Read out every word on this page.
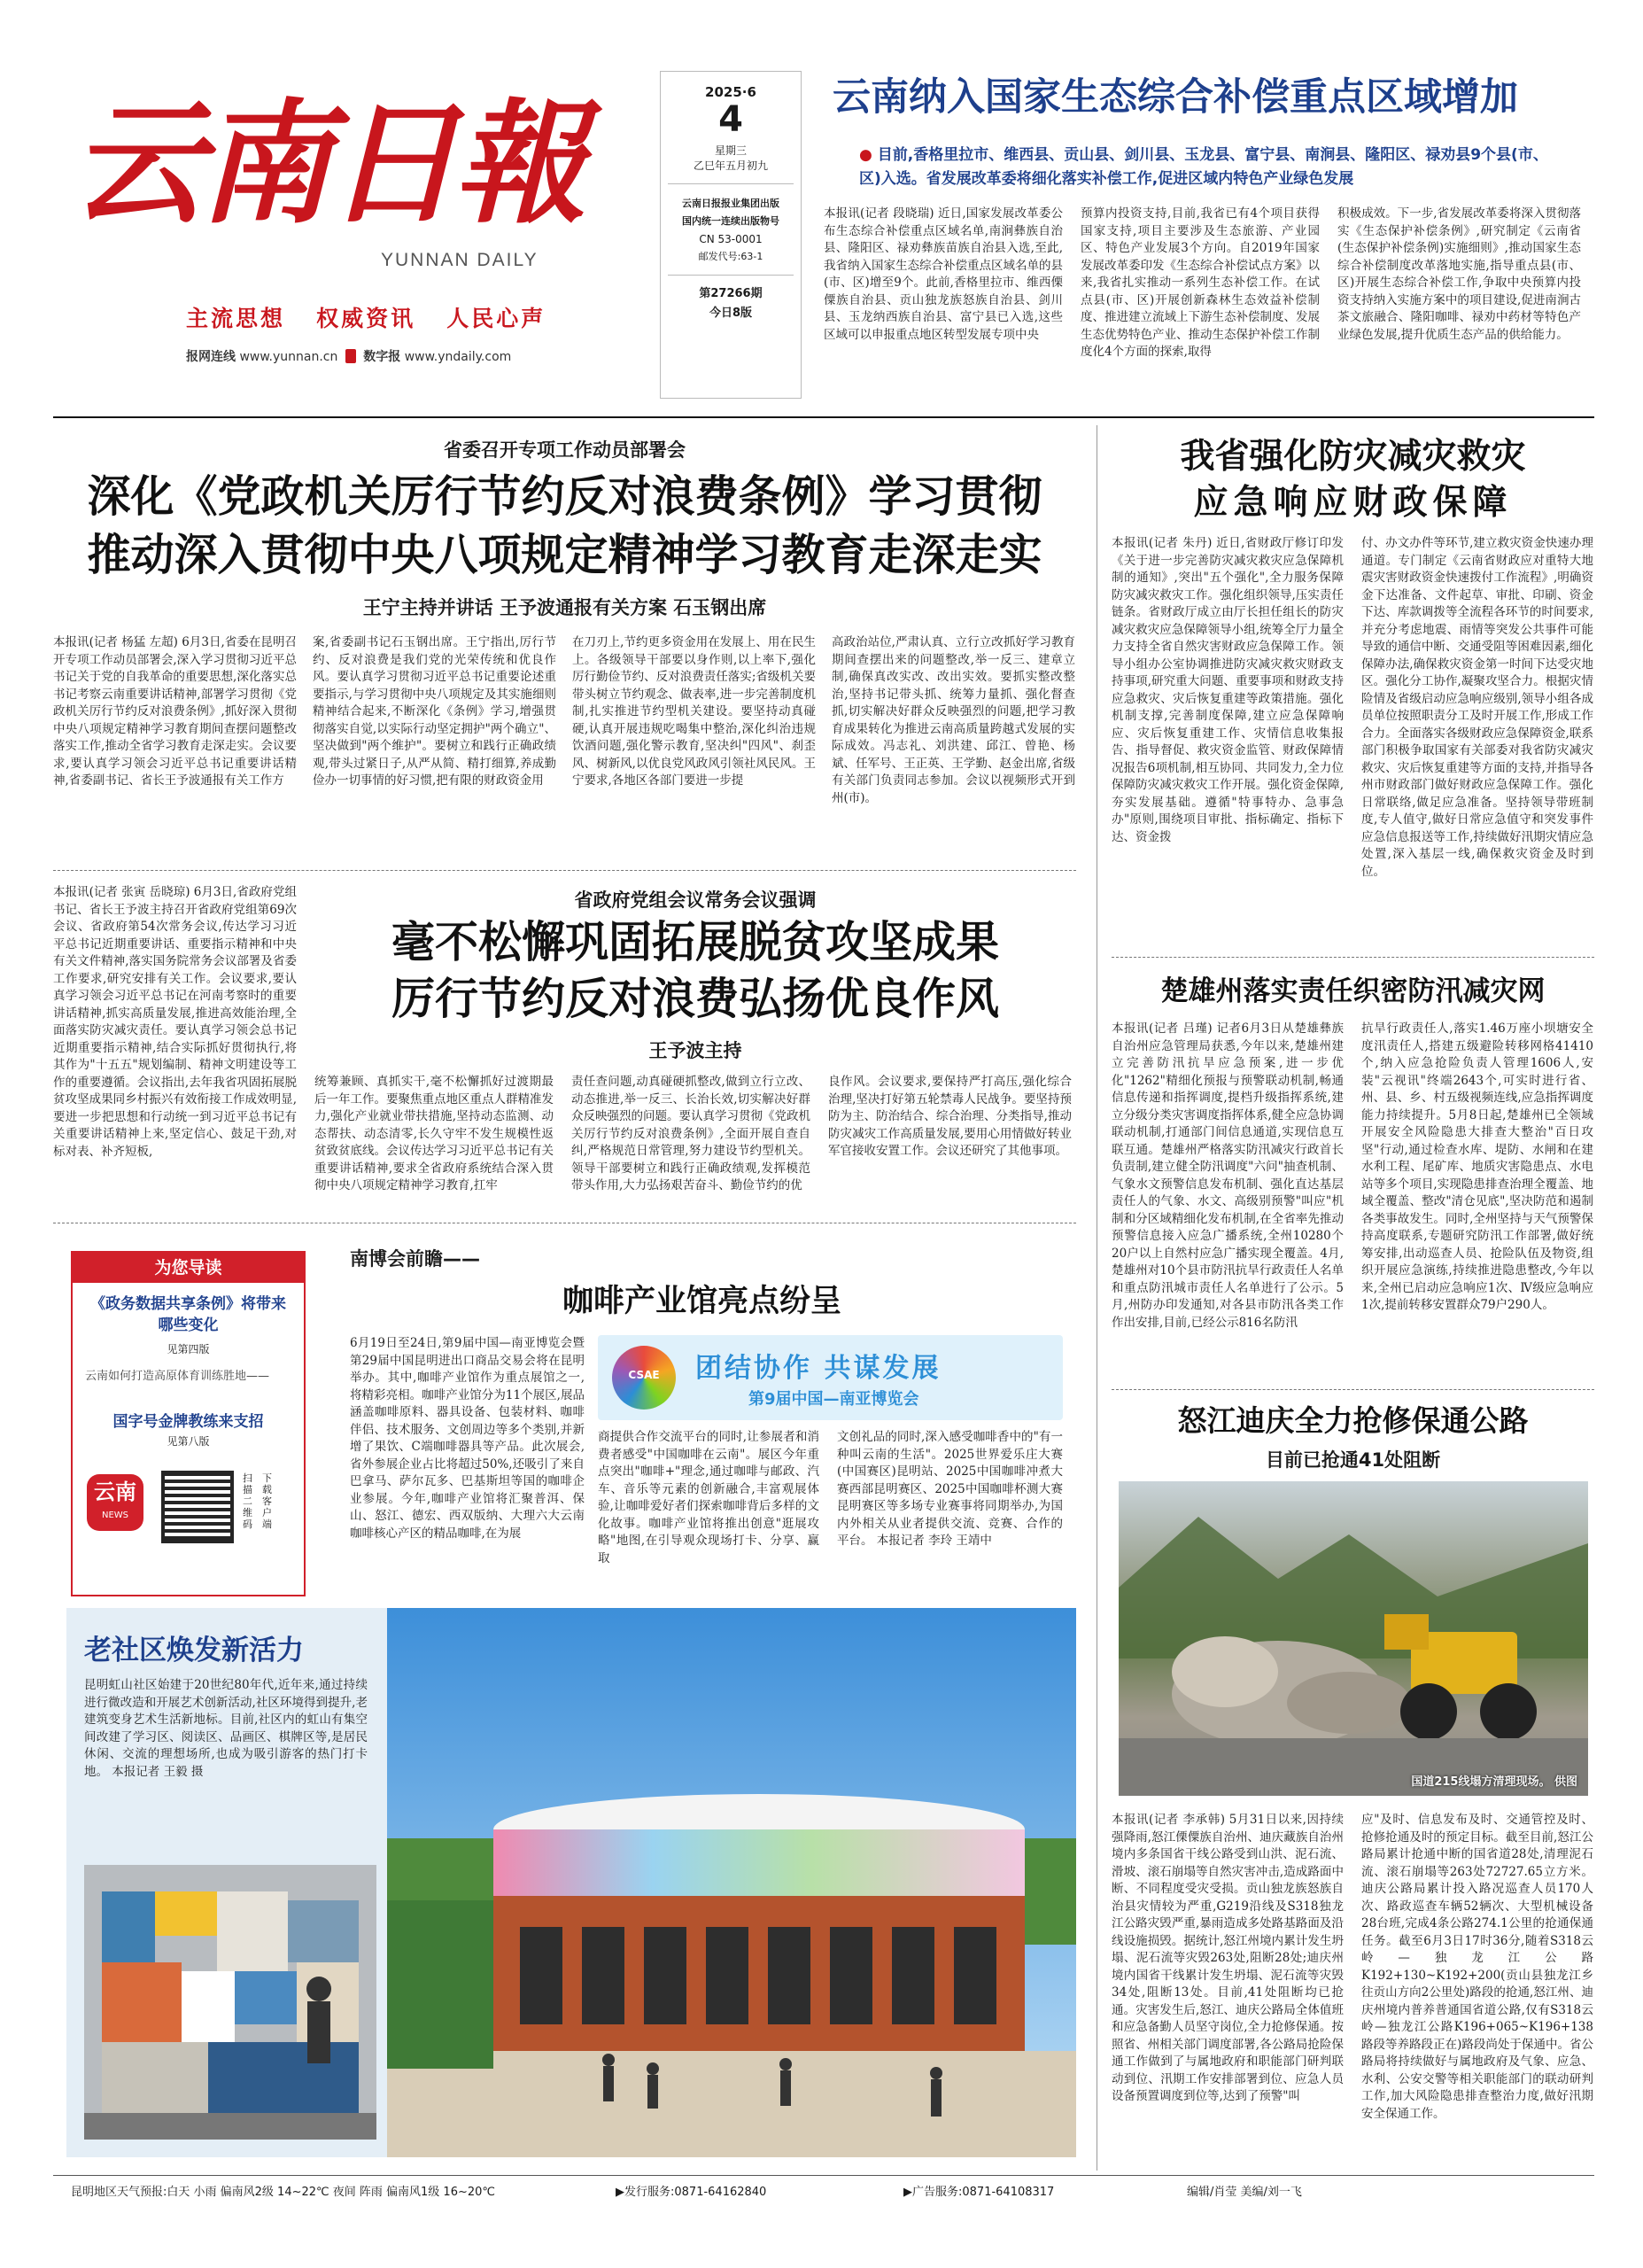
云南日報
YUNNAN DAILY
主流思想 权威资讯 人民心声
报网连线 www.yunnan.cn 数字报 www.yndaily.com
2025·6
4
星期三
乙巳年五月初九
云南日报报业集团出版
国内统一连续出版物号
CN 53-0001
邮发代号:63-1
第27266期
今日8版
云南纳入国家生态综合补偿重点区域增加
● 目前,香格里拉市、维西县、贡山县、剑川县、玉龙县、富宁县、南涧县、隆阳区、禄劝县9个县(市、区)入选。省发展改革委将细化落实补偿工作,促进区域内特色产业绿色发展
本报讯(记者 段晓瑞) 近日,国家发展改革委公布生态综合补偿重点区域名单,南涧彝族自治县、隆阳区、禄劝彝族苗族自治县入选,至此,我省纳入国家生态综合补偿重点区域名单的县(市、区)增至9个。此前,香格里拉市、维西傈僳族自治县、贡山独龙族怒族自治县、剑川县、玉龙纳西族自治县、富宁县已入选,这些区域可以申报重点地区转型发展专项中央
预算内投资支持,目前,我省已有4个项目获得国家支持,项目主要涉及生态旅游、产业园区、特色产业发展3个方向。自2019年国家发展改革委印发《生态综合补偿试点方案》以来,我省扎实推动一系列生态补偿工作。在试点县(市、区)开展创新森林生态效益补偿制度、推进建立流域上下游生态补偿制度、发展生态优势特色产业、推动生态保护补偿工作制度化4个方面的探索,取得
积极成效。下一步,省发展改革委将深入贯彻落实《生态保护补偿条例》,研究制定《云南省(生态保护补偿条例)实施细则》,推动国家生态综合补偿制度改革落地实施,指导重点县(市、区)开展生态综合补偿工作,争取中央预算内投资支持纳入实施方案中的项目建设,促进南涧古茶文旅融合、隆阳咖啡、禄劝中药材等特色产业绿色发展,提升优质生态产品的供给能力。
省委召开专项工作动员部署会
深化《党政机关厉行节约反对浪费条例》学习贯彻
推动深入贯彻中央八项规定精神学习教育走深走实
王宁主持并讲话 王予波通报有关方案 石玉钢出席
本报讯(记者 杨猛 左超) 6月3日,省委在昆明召开专项工作动员部署会,深入学习贯彻习近平总书记关于党的自我革命的重要思想,深化落实总书记考察云南重要讲话精神,部署学习贯彻《党政机关厉行节约反对浪费条例》,抓好深入贯彻中央八项规定精神学习教育期间查摆问题整改落实工作,推动全省学习教育走深走实。会议要求,要认真学习领会习近平总书记重要讲话精神,省委副书记、省长王予波通报有关工作方
案,省委副书记石玉钢出席。王宁指出,厉行节约、反对浪费是我们党的光荣传统和优良作风。要认真学习贯彻习近平总书记重要论述重要指示,与学习贯彻中央八项规定及其实施细则精神结合起来,不断深化《条例》学习,增强贯彻落实自觉,以实际行动坚定拥护"两个确立"、坚决做到"两个维护"。要树立和践行正确政绩观,带头过紧日子,从严从简、精打细算,养成勤俭办一切事情的好习惯,把有限的财政资金用
在刀刃上,节约更多资金用在发展上、用在民生上。各级领导干部要以身作则,以上率下,强化厉行勤俭节约、反对浪费责任落实;省级机关要带头树立节约观念、做表率,进一步完善制度机制,扎实推进节约型机关建设。要坚持动真碰硬,认真开展违规吃喝集中整治,深化纠治违规饮酒问题,强化警示教育,坚决纠"四风"、刹歪风、树新风,以优良党风政风引领社风民风。王宁要求,各地区各部门要进一步提
高政治站位,严肃认真、立行立改抓好学习教育期间查摆出来的问题整改,举一反三、建章立制,确保真改实改、改出实效。要抓实整改整治,坚持书记带头抓、统筹力量抓、强化督查抓,切实解决好群众反映强烈的问题,把学习教育成果转化为推进云南高质量跨越式发展的实际成效。冯志礼、刘洪建、邱江、曾艳、杨斌、任军号、王正英、王学勤、赵金出席,省级有关部门负责同志参加。会议以视频形式开到州(市)。
本报讯(记者 张寅 岳晓琼) 6月3日,省政府党组书记、省长王予波主持召开省政府党组第69次会议、省政府第54次常务会议,传达学习习近平总书记近期重要讲话、重要指示精神和中央有关文件精神,落实国务院常务会议部署及省委工作要求,研究安排有关工作。会议要求,要认真学习领会习近平总书记在河南考察时的重要讲话精神,抓实高质量发展,推进高效能治理,全面落实防灾减灾责任。要认真学习领会总书记近期重要指示精神,结合实际抓好贯彻执行,将其作为"十五五"规划编制、精神文明建设等工作的重要遵循。会议指出,去年我省巩固拓展脱贫攻坚成果同乡村振兴有效衔接工作成效明显,要进一步把思想和行动统一到习近平总书记有关重要讲话精神上来,坚定信心、鼓足干劲,对标对表、补齐短板,
省政府党组会议常务会议强调
毫不松懈巩固拓展脱贫攻坚成果
厉行节约反对浪费弘扬优良作风
王予波主持
统筹兼顾、真抓实干,毫不松懈抓好过渡期最后一年工作。要聚焦重点地区重点人群精准发力,强化产业就业带扶措施,坚持动态监测、动态帮扶、动态清零,长久守牢不发生规模性返贫致贫底线。会议传达学习习近平总书记有关重要讲话精神,要求全省政府系统结合深入贯彻中央八项规定精神学习教育,扛牢
责任查问题,动真碰硬抓整改,做到立行立改、动态推进,举一反三、长治长效,切实解决好群众反映强烈的问题。要认真学习贯彻《党政机关厉行节约反对浪费条例》,全面开展自查自纠,严格规范日常管理,努力建设节约型机关。领导干部要树立和践行正确政绩观,发挥模范带头作用,大力弘扬艰苦奋斗、勤俭节约的优
良作风。会议要求,要保持严打高压,强化综合治理,坚决打好第五轮禁毒人民战争。要坚持预防为主、防治结合、综合治理、分类指导,推动防灾减灾工作高质量发展,要用心用情做好转业军官接收安置工作。会议还研究了其他事项。
我省强化防灾减灾救灾
应急响应财政保障
本报讯(记者 朱丹) 近日,省财政厅修订印发《关于进一步完善防灾减灾救灾应急保障机制的通知》,突出"五个强化",全力服务保障防灾减灾救灾工作。强化组织领导,压实责任链条。省财政厅成立由厅长担任组长的防灾减灾救灾应急保障领导小组,统筹全厅力量全力支持全省自然灾害财政应急保障工作。领导小组办公室协调推进防灾减灾救灾财政支持事项,研究重大问题、重要事项和财政支持应急救灾、灾后恢复重建等政策措施。强化机制支撑,完善制度保障,建立应急保障响应、灾后恢复重建工作、灾情信息收集报告、指导督促、救灾资金监管、财政保障情况报告6项机制,相互协同、共同发力,全力位保障防灾减灾救灾工作开展。强化资金保障,夯实发展基础。遵循"特事特办、急事急办"原则,围绕项目审批、指标确定、指标下达、资金拨
付、办文办件等环节,建立救灾资金快速办理通道。专门制定《云南省财政应对重特大地震灾害财政资金快速拨付工作流程》,明确资金下达准备、文件起草、审批、印刷、资金下达、库款调拨等全流程各环节的时间要求,并充分考虑地震、雨情等突发公共事件可能导致的通信中断、交通受阻等困难因素,细化保障办法,确保救灾资金第一时间下达受灾地区。强化分工协作,凝聚攻坚合力。根据灾情险情及省级启动应急响应级别,领导小组各成员单位按照职责分工及时开展工作,形成工作合力。全面落实各级财政应急保障资金,联系部门积极争取国家有关部委对我省防灾减灾救灾、灾后恢复重建等方面的支持,并指导各州市财政部门做好财政应急保障工作。强化日常联络,做足应急准备。坚持领导带班制度,专人值守,做好日常应急值守和突发事件应急信息报送等工作,持续做好汛期灾情应急处置,深入基层一线,确保救灾资金及时到位。
楚雄州落实责任织密防汛减灾网
本报讯(记者 吕瑾) 记者6月3日从楚雄彝族自治州应急管理局获悉,今年以来,楚雄州建立完善防汛抗旱应急预案,进一步优化"1262"精细化预报与预警联动机制,畅通信息传递和指挥调度,提档升级指挥系统,建立分级分类灾害调度指挥体系,健全应急协调联动机制,打通部门间信息通道,实现信息互联互通。楚雄州严格落实防汛减灾行政首长负责制,建立健全防汛调度"六问"抽查机制、气象水文预警信息发布机制、强化直达基层责任人的气象、水文、高级别预警"叫应"机制和分区域精细化发布机制,在全省率先推动预警信息接入应急广播系统,全州10280个20户以上自然村应急广播实现全覆盖。4月,楚雄州对10个县市防汛抗旱行政责任人名单和重点防汛城市责任人名单进行了公示。5月,州防办印发通知,对各县市防汛各类工作作出安排,目前,已经公示816名防汛
抗旱行政责任人,落实1.46万座小坝塘安全度汛责任人,搭建五级避险转移网格41410个,纳入应急抢险负责人管理1606人,安装"云视讯"终端2643个,可实时进行省、州、县、乡、村五级视频连线,应急指挥调度能力持续提升。5月8日起,楚雄州已全领域开展安全风险隐患大排查大整治"百日攻坚"行动,通过检查水库、堤防、水闸和在建水利工程、尾矿库、地质灾害隐患点、水电站等多个项目,实现隐患排查治理全覆盖、地域全覆盖、整改"清仓见底",坚决防范和遏制各类事故发生。同时,全州坚持与天气预警保持高度联系,专题研究防汛工作部署,做好统筹安排,出动巡查人员、抢险队伍及物资,组织开展应急演练,持续推进隐患整改,今年以来,全州已启动应急响应1次、Ⅳ级应急响应1次,提前转移安置群众79户290人。
怒江迪庆全力抢修保通公路
目前已抢通41处阻断
国道215线塌方清理现场。 供图
本报讯(记者 李承韩) 5月31日以来,因持续强降雨,怒江傈僳族自治州、迪庆藏族自治州境内多条国省干线公路受到山洪、泥石流、滑坡、滚石崩塌等自然灾害冲击,造成路面中断、不同程度受灾受损。贡山独龙族怒族自治县灾情较为严重,G219沿线及S318独龙江公路灾毁严重,暴雨造成多处路基路面及沿线设施损毁。据统计,怒江州境内累计发生坍塌、泥石流等灾毁263处,阻断28处;迪庆州境内国省干线累计发生坍塌、泥石流等灾毁34处,阻断13处。目前,41处阻断均已抢通。灾害发生后,怒江、迪庆公路局全体值班和应急备勤人员坚守岗位,全力抢修保通。按照省、州相关部门调度部署,各公路局抢险保通工作做到了与属地政府和职能部门研判联动到位、汛期工作安排部署到位、应急人员设备预置调度到位等,达到了预警"叫
应"及时、信息发布及时、交通管控及时、抢修抢通及时的预定目标。截至目前,怒江公路局累计抢通中断的国省道28处,清理泥石流、滚石崩塌等263处72727.65立方米。迪庆公路局累计投入路况巡查人员170人次、路政巡查车辆52辆次、大型机械设备28台班,完成4条公路274.1公里的抢通保通任务。截至6月3日17时36分,随着S318云岭—独龙江公路K192+130~K192+200(贡山县独龙江乡往贡山方向2公里处)路段的抢通,怒江州、迪庆州境内普养普通国省道公路,仅有S318云岭—独龙江公路K196+065~K196+138路段等养路段正在)路段尚处于保通中。省公路局将持续做好与属地政府及气象、应急、水利、公安交警等相关职能部门的联动研判工作,加大风险隐患排查整治力度,做好汛期安全保通工作。
为您导读
《政务数据共享条例》将带来哪些变化
见第四版
云南如何打造高原体育训练胜地——
国字号金牌教练来支招
见第八版
云南
NEWS
扫描二维码
下载客户端
南博会前瞻——
咖啡产业馆亮点纷呈
6月19日至24日,第9届中国—南亚博览会暨第29届中国昆明进出口商品交易会将在昆明举办。其中,咖啡产业馆作为重点展馆之一,将精彩亮相。咖啡产业馆分为11个展区,展品涵盖咖啡原料、器具设备、包装材料、咖啡伴侣、技术服务、文创周边等多个类别,并新增了果饮、C端咖啡器具等产品。此次展会,省外参展企业占比将超过50%,还吸引了来自巴拿马、萨尔瓦多、巴基斯坦等国的咖啡企业参展。今年,咖啡产业馆将汇聚普洱、保山、怒江、德宏、西双版纳、大理六大云南咖啡核心产区的精品咖啡,在为展
CSAE	团结协作 共谋发展
第9届中国—南亚博览会
商提供合作交流平台的同时,让参展者和消费者感受"中国咖啡在云南"。展区今年重点突出"咖啡+"理念,通过咖啡与邮政、汽车、音乐等元素的创新融合,丰富观展体验,让咖啡爱好者们探索咖啡背后多样的文化故事。咖啡产业馆将推出创意"逛展攻略"地图,在引导观众现场打卡、分享、赢取
文创礼品的同时,深入感受咖啡香中的"有一种叫云南的生活"。2025世界爱乐庄大赛(中国赛区)昆明站、2025中国咖啡冲煮大赛西部昆明赛区、2025中国咖啡杯测大赛昆明赛区等多场专业赛事将同期举办,为国内外相关从业者提供交流、竞赛、合作的平台。 本报记者 李玲 王靖中
老社区焕发新活力
昆明虹山社区始建于20世纪80年代,近年来,通过持续进行微改造和开展艺术创新活动,社区环境得到提升,老建筑变身艺术生活新地标。目前,社区内的虹山有集空间改建了学习区、阅读区、品画区、棋牌区等,是居民休闲、交流的理想场所,也成为吸引游客的热门打卡地。 本报记者 王毅 摄
昆明地区天气预报:白天 小雨 偏南风2级 14~22℃ 夜间 阵雨 偏南风1级 16~20℃	▶发行服务:0871-64162840	▶广告服务:0871-64108317	编辑/肖莹 美编/刘一飞
